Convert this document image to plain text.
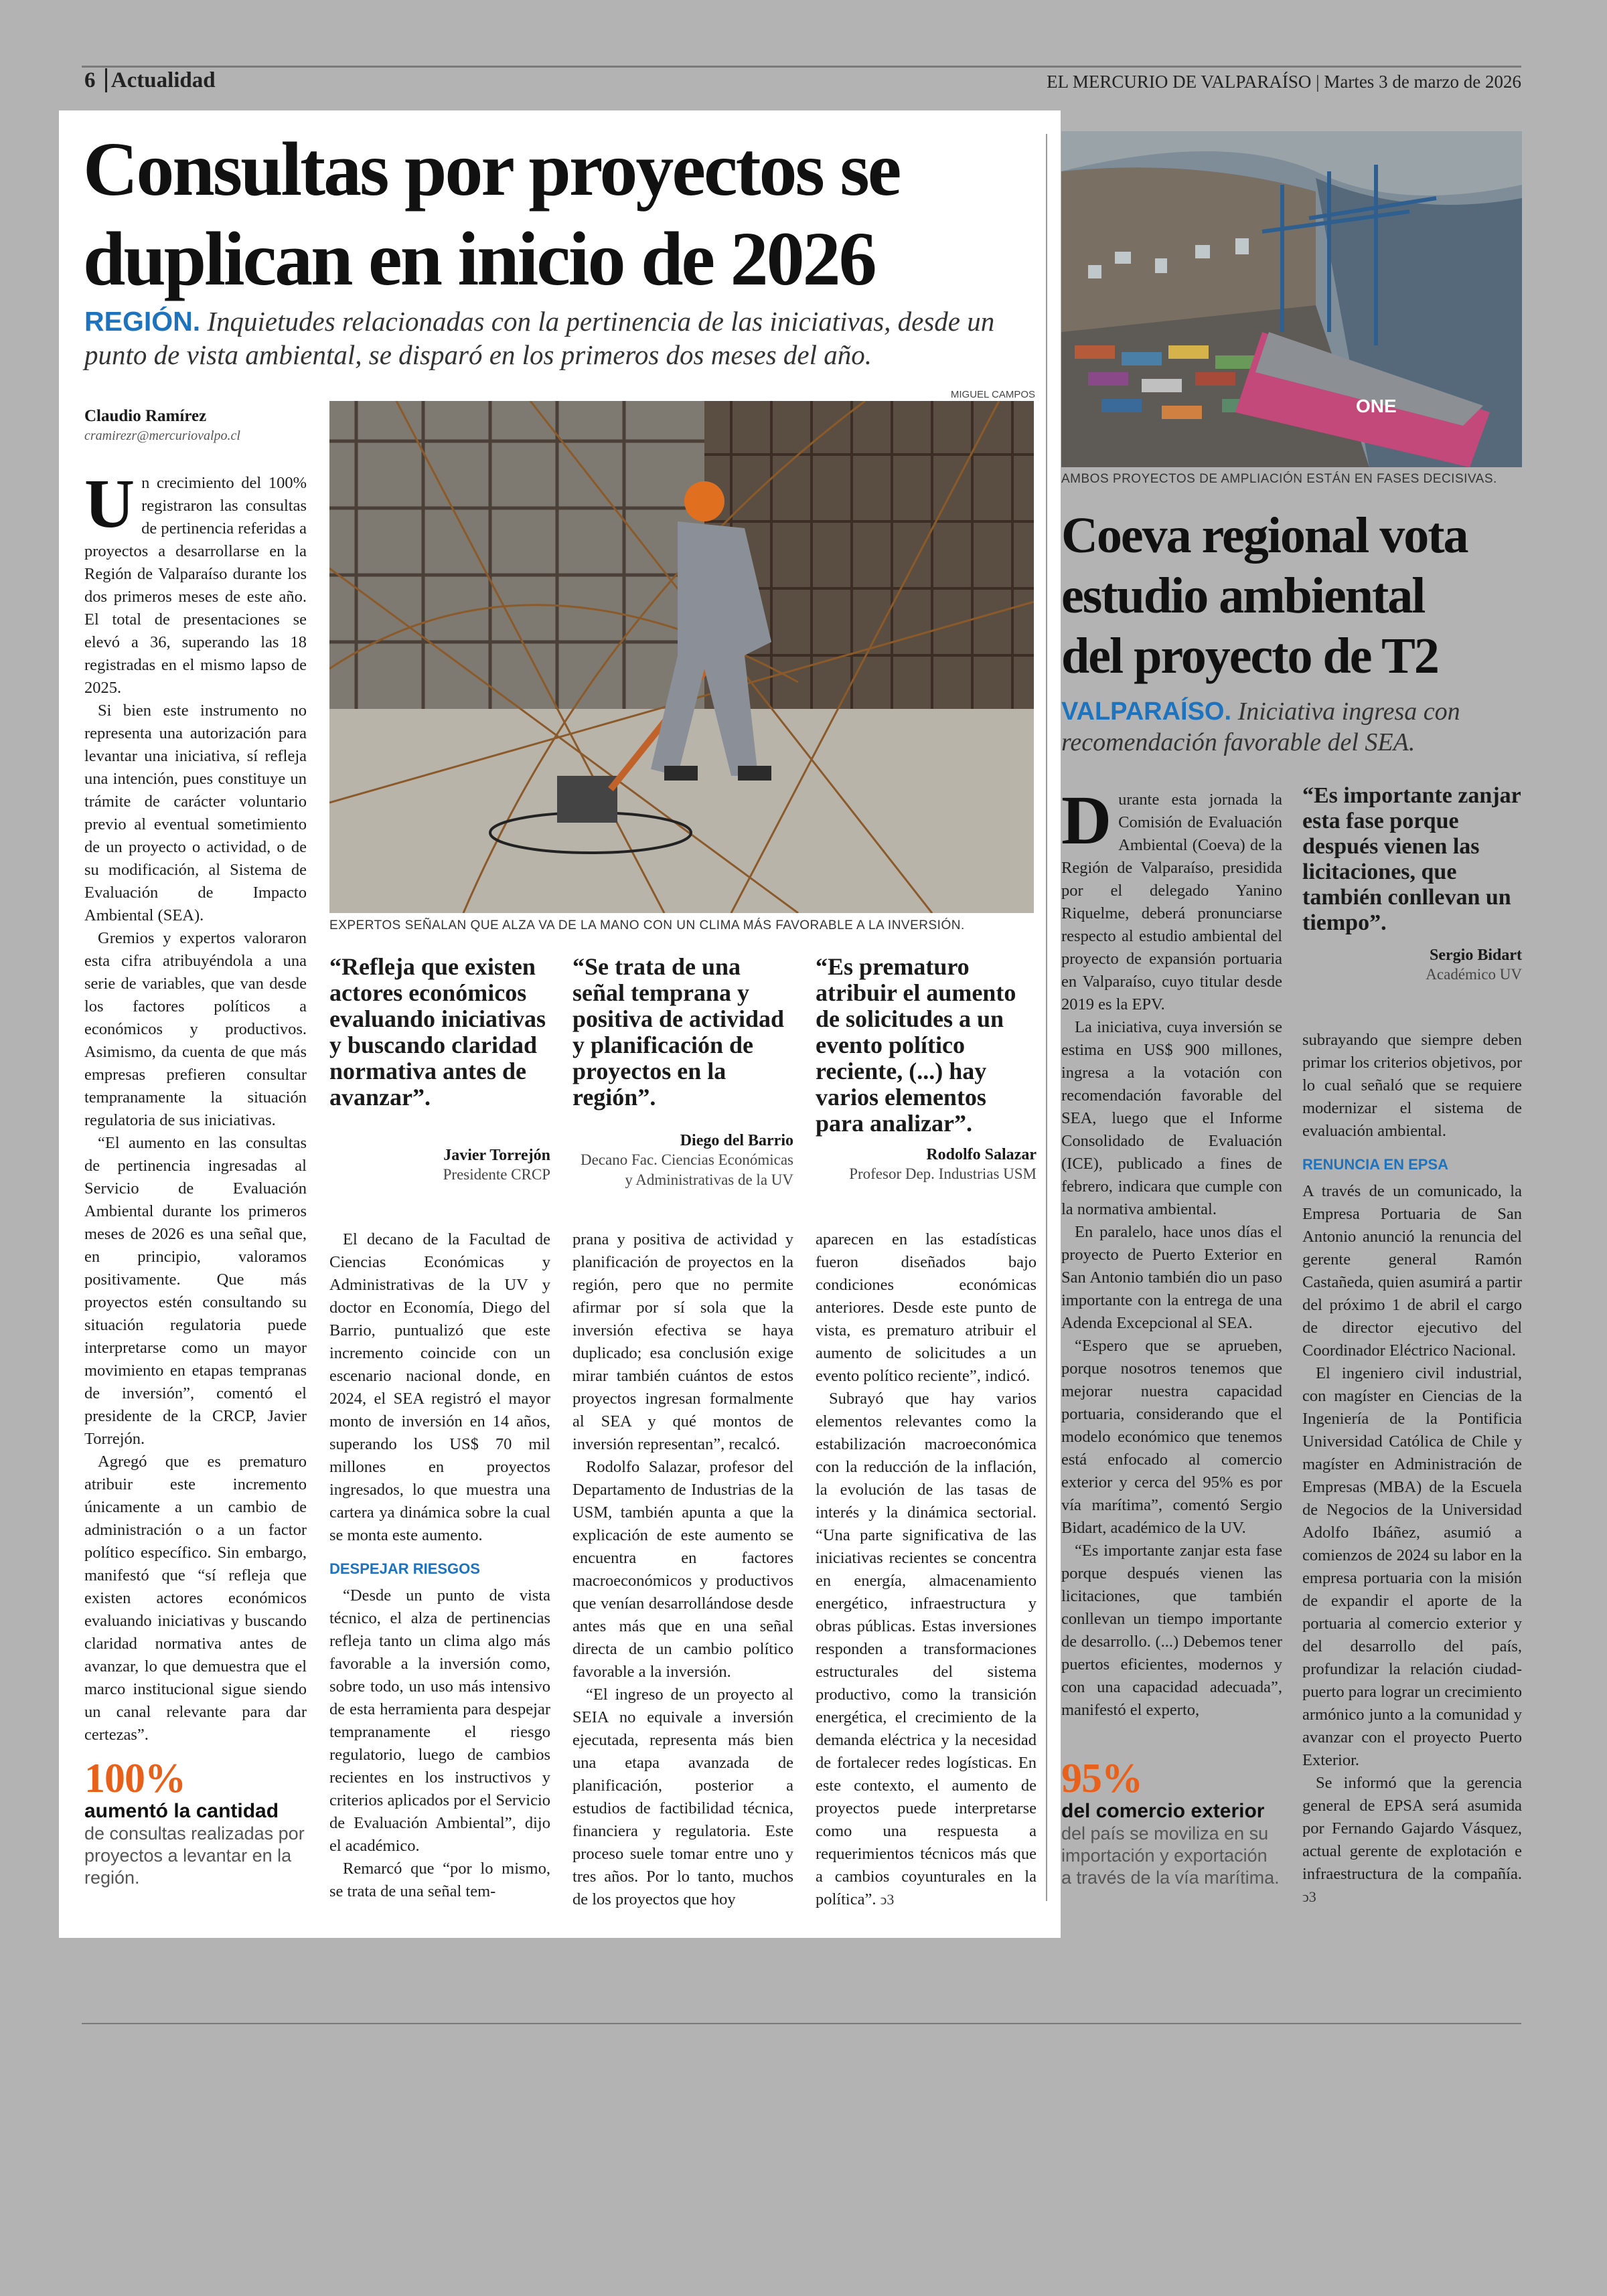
6 Actualidad	EL MERCURIO DE VALPARAÍSO | Martes 3 de marzo de 2026
Consultas por proyectos se
duplican en inicio de 2026
REGIÓN. Inquietudes relacionadas con la pertinencia de las iniciativas, desde un
punto de vista ambiental, se disparó en los primeros dos meses del año.
Claudio Ramírez
cramirezr@mercuriovalpo.cl
MIGUEL CAMPOS
EXPERTOS SEÑALAN QUE ALZA VA DE LA MANO CON UN CLIMA MÁS FAVORABLE A LA INVERSIÓN.

Un crecimiento del 100% registraron las consultas de pertinencia referidas a proyectos a desarrollarse en la Región de Valparaíso durante los dos primeros meses de este año. El total de presentaciones se elevó a 36, superando las 18 registradas en el mismo lapso de 2025.

Si bien este instrumento no representa una autorización para levantar una iniciativa, sí refleja una intención, pues constituye un trámite de carácter voluntario previo al eventual sometimiento de un proyecto o actividad, o de su modificación, al Sistema de Evaluación de Impacto Ambiental (SEA).

Gremios y expertos valoraron esta cifra atribuyéndola a una serie de variables, que van desde los factores políticos a económicos y productivos. Asimismo, da cuenta de que más empresas prefieren consultar tempranamente la situación regulatoria de sus iniciativas.

“El aumento en las consultas de pertinencia ingresadas al Servicio de Evaluación Ambiental durante los primeros meses de 2026 es una señal que, en principio, valoramos positivamente. Que más proyectos estén consultando su situación regulatoria puede interpretarse como un mayor movimiento en etapas tempranas de inversión”, comentó el presidente de la CRCP, Javier Torrejón.

Agregó que es prematuro atribuir este incremento únicamente a un cambio de administración o a un factor político específico. Sin embargo, manifestó que “sí refleja que existen actores económicos evaluando iniciativas y buscando claridad normativa antes de avanzar, lo que demuestra que el marco institucional sigue siendo un canal relevante para dar certezas”.

100%
aumentó la cantidad
de consultas realizadas por
proyectos a levantar en la
región.
“Refleja que existen actores económicos evaluando iniciativas y buscando claridad normativa antes de avanzar”.
Javier Torrejón
Presidente CRCP
“Se trata de una señal temprana y positiva de actividad y planificación de proyectos en la región”.
Diego del Barrio
Decano Fac. Ciencias Económicas y Administrativas de la UV
“Es prematuro atribuir el aumento de solicitudes a un evento político reciente, (...) hay varios elementos para analizar”.
Rodolfo Salazar
Profesor Dep. Industrias USM

El decano de la Facultad de Ciencias Económicas y Administrativas de la UV y doctor en Economía, Diego del Barrio, puntualizó que este incremento coincide con un escenario nacional donde, en 2024, el SEA registró el mayor monto de inversión en 14 años, superando los US$ 70 mil millones en proyectos ingresados, lo que muestra una cartera ya dinámica sobre la cual se monta este aumento.

DESPEJAR RIESGOS

“Desde un punto de vista técnico, el alza de pertinencias refleja tanto un clima algo más favorable a la inversión como, sobre todo, un uso más intensivo de esta herramienta para despejar tempranamente el riesgo regulatorio, luego de cambios recientes en los instructivos y criterios aplicados por el Servicio de Evaluación Ambiental”, dijo el académico.

Remarcó que “por lo mismo, se trata de una señal tem-

prana y positiva de actividad y planificación de proyectos en la región, pero que no permite afirmar por sí sola que la inversión efectiva se haya duplicado; esa conclusión exige mirar también cuántos de estos proyectos ingresan formalmente al SEA y qué montos de inversión representan”, recalcó.

Rodolfo Salazar, profesor del Departamento de Industrias de la USM, también apunta a que la explicación de este aumento se encuentra en factores macroeconómicos y productivos que venían desarrollándose desde antes más que en una señal directa de un cambio político favorable a la inversión.

“El ingreso de un proyecto al SEIA no equivale a inversión ejecutada, representa más bien una etapa avanzada de planificación, posterior a estudios de factibilidad técnica, financiera y regulatoria. Este proceso suele tomar entre uno y tres años. Por lo tanto, muchos de los proyectos que hoy

aparecen en las estadísticas fueron diseñados bajo condiciones económicas anteriores. Desde este punto de vista, es prematuro atribuir el aumento de solicitudes a un evento político reciente”, indicó.

Subrayó que hay varios elementos relevantes como la estabilización macroeconómica con la reducción de la inflación, la evolución de las tasas de interés y la dinámica sectorial. “Una parte significativa de las iniciativas recientes se concentra en energía, almacenamiento energético, infraestructura y obras públicas. Estas inversiones responden a transformaciones estructurales del sistema productivo, como la transición energética, el crecimiento de la demanda eléctrica y la necesidad de fortalecer redes logísticas. En este contexto, el aumento de proyectos puede interpretarse como una respuesta a requerimientos técnicos más que a cambios coyunturales en la política”. ↄ3

ONE
AMBOS PROYECTOS DE AMPLIACIÓN ESTÁN EN FASES DECISIVAS.
Coeva regional vota
estudio ambiental
del proyecto de T2
VALPARAÍSO. Iniciativa ingresa con
recomendación favorable del SEA.

Durante esta jornada la Comisión de Evaluación Ambiental (Coeva) de la Región de Valparaíso, presidida por el delegado Yanino Riquelme, deberá pronunciarse respecto al estudio ambiental del proyecto de expansión portuaria en Valparaíso, cuyo titular desde 2019 es la EPV.

La iniciativa, cuya inversión se estima en US$ 900 millones, ingresa a la votación con recomendación favorable del SEA, luego que el Informe Consolidado de Evaluación (ICE), publicado a fines de febrero, indicara que cumple con la normativa ambiental.

En paralelo, hace unos días el proyecto de Puerto Exterior en San Antonio también dio un paso importante con la entrega de una Adenda Excepcional al SEA.

“Espero que se aprueben, porque nosotros tenemos que mejorar nuestra capacidad portuaria, considerando que el modelo económico que tenemos está enfocado al comercio exterior y cerca del 95% es por vía marítima”, comentó Sergio Bidart, académico de la UV.

“Es importante zanjar esta fase porque después vienen las licitaciones, que también conllevan un tiempo importante de desarrollo. (...) Debemos tener puertos eficientes, modernos y con una capacidad adecuada”, manifestó el experto,

“Es importante zanjar esta fase porque después vienen las licitaciones, que también conllevan un tiempo”.
Sergio Bidart
Académico UV

subrayando que siempre deben primar los criterios objetivos, por lo cual señaló que se requiere modernizar el sistema de evaluación ambiental.

RENUNCIA EN EPSA

A través de un comunicado, la Empresa Portuaria de San Antonio anunció la renuncia del gerente general Ramón Castañeda, quien asumirá a partir del próximo 1 de abril el cargo de director ejecutivo del Coordinador Eléctrico Nacional.

El ingeniero civil industrial, con magíster en Ciencias de la Ingeniería de la Pontificia Universidad Católica de Chile y magíster en Administración de Empresas (MBA) de la Escuela de Negocios de la Universidad Adolfo Ibáñez, asumió a comienzos de 2024 su labor en la empresa portuaria con la misión de expandir el aporte de la portuaria al comercio exterior y del desarrollo del país, profundizar la relación ciudad-puerto para lograr un crecimiento armónico junto a la comunidad y avanzar con el proyecto Puerto Exterior.

Se informó que la gerencia general de EPSA será asumida por Fernando Gajardo Vásquez, actual gerente de explotación e infraestructura de la compañía. ↄ3

95%
del comercio exterior
del país se moviliza en su
importación y exportación
a través de la vía marítima.
